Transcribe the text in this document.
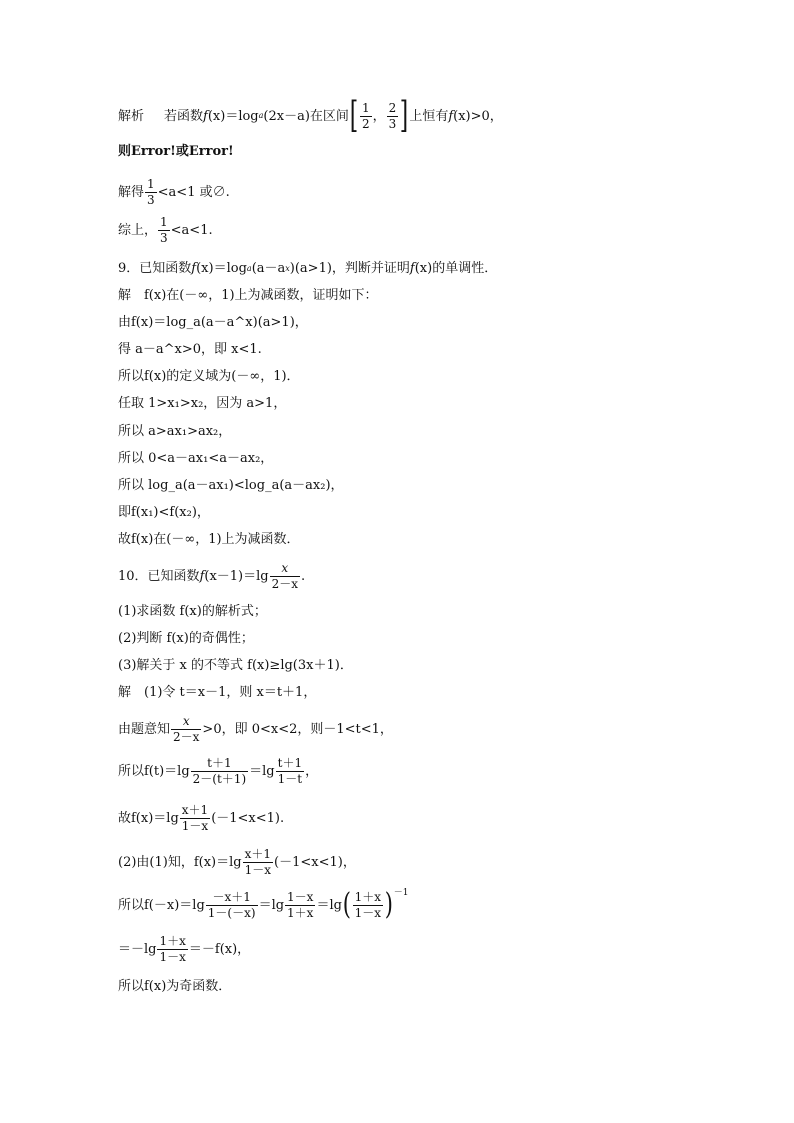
解析 若函数 f (x)＝log a (2x－a)在区间 [ $\frac{1}{2}$ ， $\frac{2}{3}$ ] 上恒有 f (x)>0，
则Error!或Error!
解得 $\frac{1}{3} <a<1$ 或∅.
综上， $\frac{1}{3} <a<1$.
9． 已知函数 f (x)＝log a (a－a x )(a>1)，判断并证明 f (x)的单调性．
解　f(x)在(－∞，1)上为减函数，证明如下：
由f(x)＝log_a(a－a^x)(a>1)，
得 a－a^x>0，即 x<1.
所以f(x)的定义域为(－∞，1)．
任取 1>x₁>x₂，因为 a>1，
所以 a>ax₁>ax₂，
所以 0<a－ax₁<a－ax₂，
所以 log_a(a－ax₁)<log_a(a－ax₂)，
即f(x₁)<f(x₂)，
故f(x)在(－∞，1)上为减函数．
10． 已知函数 f $(x-1)=\lg \frac{x}{2-x}$ .
(1)求函数 f(x)的解析式；
(2)判断 f(x)的奇偶性；
(3)解关于 x 的不等式 f(x)≥lg(3x＋1)．
解　(1)令 t＝x－1，则 x＝t＋1，
由题意知 $\frac{x}{2-x} >0$，即 0<x<2，则－1<t<1，
所以$f(t)=\lg \frac{t+1}{2-(t+1)} =\lg \frac{t+1}{1-t}$ ，
故$f(x)=\lg \frac{x+1}{1-x} (-1<x<1)$.
(2)由(1)知，$f(x)=\lg \frac{x+1}{1-x} (-1<x<1)$，
所以$f(-x)=\lg \frac{-x+1}{1-(-x)} =\lg \frac{1-x}{1+x} =\lg$ ( $\frac{1+x}{1-x} )^{-1}$
$=-\lg \frac{1+x}{1-x} =-f(x)$，
所以f(x)为奇函数．
